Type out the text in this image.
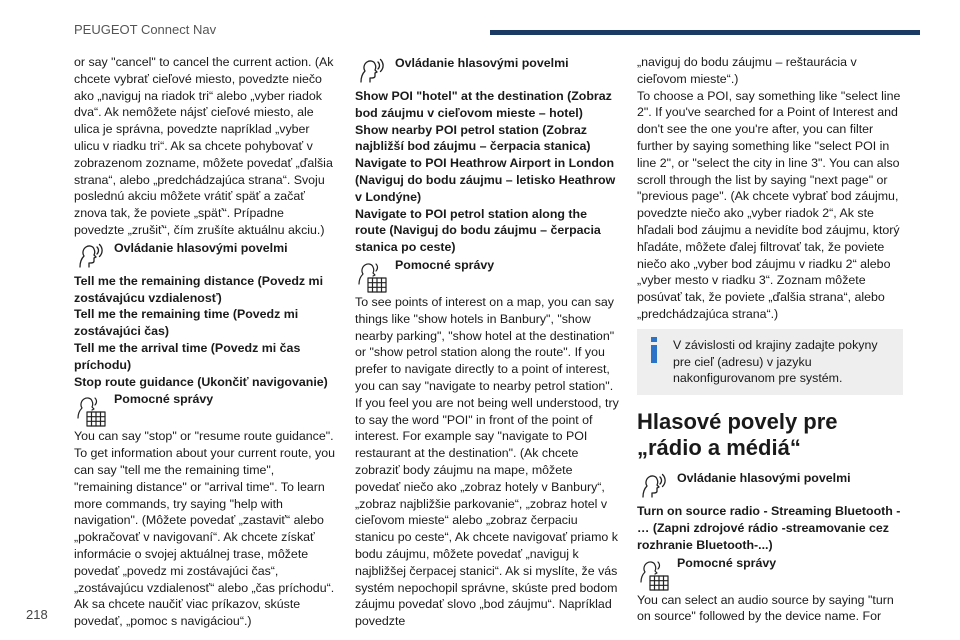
PEUGEOT Connect Nav

or say "cancel" to cancel the current action. (Ak chcete vybrať cieľové miesto, povedzte niečo ako „naviguj na riadok tri“ alebo „vyber riadok dva“. Ak nemôžete nájsť cieľové miesto, ale ulica je správna, povedzte napríklad „vyber ulicu v riadku tri“. Ak sa chcete pohybovať v zobrazenom zozname, môžete povedať „ďalšia strana“, alebo „predchádzajúca strana“. Svoju poslednú akciu môžete vrátiť späť a začať znova tak, že poviete „späť“. Prípadne povedzte „zrušiť“, čím zrušíte aktuálnu akciu.)

Ovládanie hlasovými povelmi

Tell me the remaining distance (Povedz mi zostávajúcu vzdialenosť)
Tell me the remaining time (Povedz mi zostávajúci čas)
Tell me the arrival time (Povedz mi čas príchodu)
Stop route guidance (Ukončiť navigovanie)

Pomocné správy

You can say "stop" or "resume route guidance". To get information about your current route, you can say "tell me the remaining time", "remaining distance" or "arrival time". To learn more commands, try saying "help with navigation". (Môžete povedať „zastaviť“ alebo „pokračovať v navigovaní“. Ak chcete získať informácie o svojej aktuálnej trase, môžete povedať „povedz mi zostávajúci čas“, „zostávajúcu vzdialenosť“ alebo „čas príchodu“. Ak sa chcete naučiť viac príkazov, skúste povedať, „pomoc s navigáciou“.)

Ovládanie hlasovými povelmi

Show POI "hotel" at the destination (Zobraz bod záujmu v cieľovom mieste – hotel)
Show nearby POI petrol station (Zobraz najbližší bod záujmu – čerpacia stanica)
Navigate to POI Heathrow Airport in London (Naviguj do bodu záujmu – letisko Heathrow v Londýne)
Navigate to POI petrol station along the route (Naviguj do bodu záujmu – čerpacia stanica po ceste)

Pomocné správy

To see points of interest on a map, you can say things like "show hotels in Banbury", "show nearby parking", "show hotel at the destination" or "show petrol station along the route". If you prefer to navigate directly to a point of interest, you can say "navigate to nearby petrol station". If you feel you are not being well understood, try to say the word "POI" in front of the point of interest. For example say "navigate to POI restaurant at the destination". (Ak chcete zobraziť body záujmu na mape, môžete povedať niečo ako „zobraz hotely v Banbury“, „zobraz najbližšie parkovanie“, „zobraz hotel v cieľovom mieste“ alebo „zobraz čerpaciu stanicu po ceste“, Ak chcete navigovať priamo k bodu záujmu, môžete povedať „naviguj k najbližšej čerpacej stanici“. Ak si myslíte, že vás systém nepochopil správne, skúste pred bodom záujmu povedať slovo „bod záujmu“. Napríklad povedzte

„naviguj do bodu záujmu – reštaurácia v cieľovom mieste“.)
To choose a POI, say something like "select line 2". If you've searched for a Point of Interest and don't see the one you're after, you can filter further by saying something like "select POI in line 2", or "select the city in line 3". You can also scroll through the list by saying "next page" or "previous page". (Ak chcete vybrať bod záujmu, povedzte niečo ako „vyber riadok 2“, Ak ste hľadali bod záujmu a nevidíte bod záujmu, ktorý hľadáte, môžete ďalej filtrovať tak, že poviete niečo ako „vyber bod záujmu v riadku 2“ alebo „vyber mesto v riadku 3“. Zoznam môžete posúvať tak, že poviete „ďalšia strana“, alebo „predchádzajúca strana“.)

V závislosti od krajiny zadajte pokyny pre cieľ (adresu) v jazyku nakonfigurovanom pre systém.

Hlasové povely pre „rádio a médiá“

Ovládanie hlasovými povelmi

Turn on source radio - Streaming Bluetooth - … (Zapni zdrojové rádio -streamovanie cez rozhranie Bluetooth-...)

Pomocné správy

You can select an audio source by saying "turn on source" followed by the device name. For

218
